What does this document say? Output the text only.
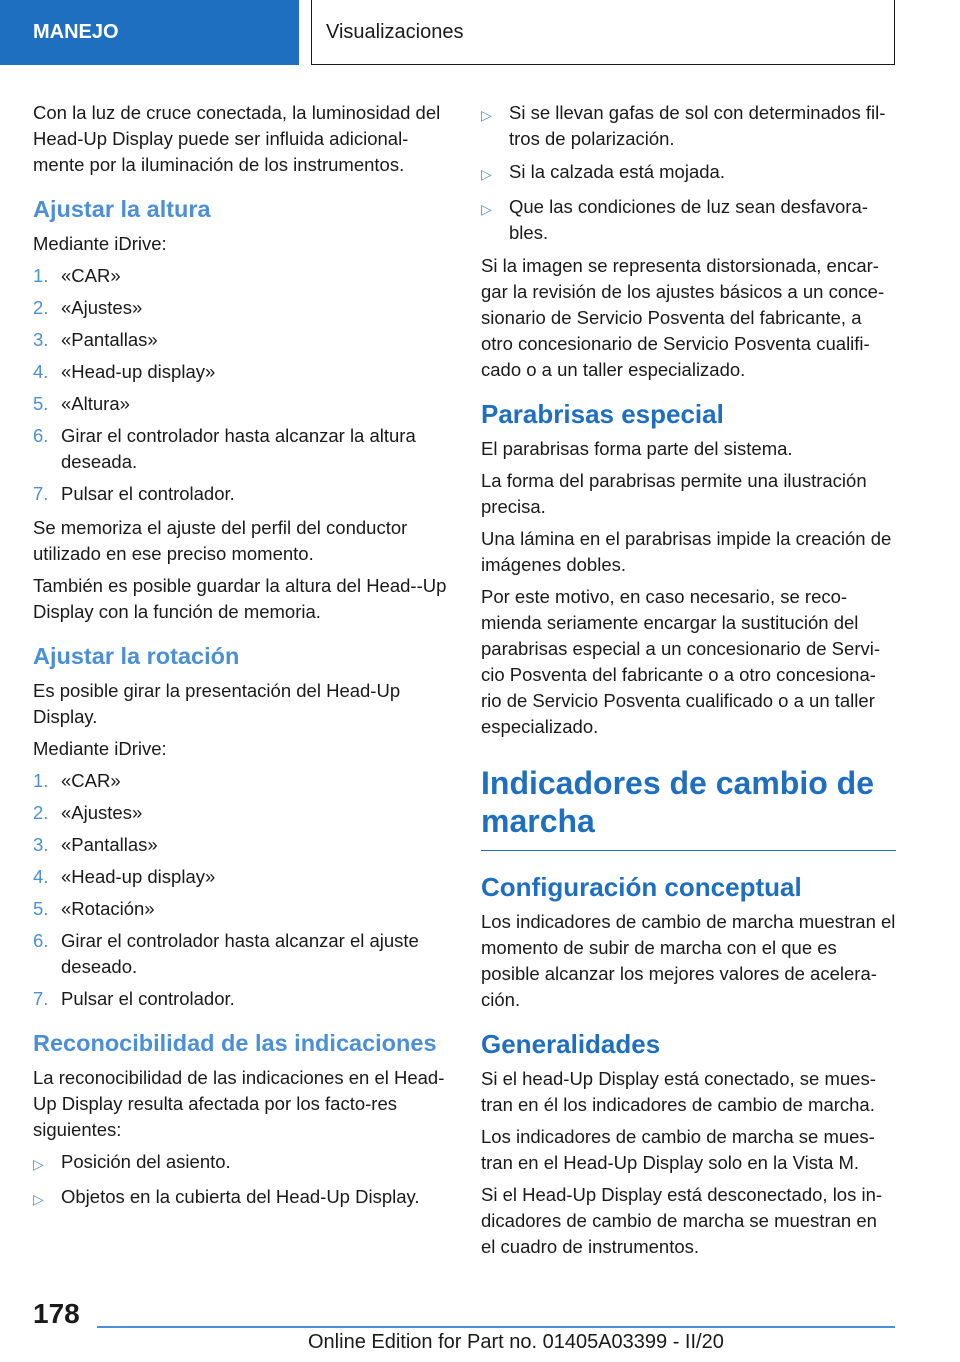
MANEJO	Visualizaciones

Con la luz de cruce conectada, la luminosidad del Head-Up Display puede ser influida adicional-mente por la iluminación de los instrumentos.

Ajustar la altura

Mediante iDrive:

1. «CAR»
2. «Ajustes»
3. «Pantallas»
4. «Head-up display»
5. «Altura»
6. Girar el controlador hasta alcanzar la altura deseada.
7. Pulsar el controlador.

Se memoriza el ajuste del perfil del conductor utilizado en ese preciso momento.

También es posible guardar la altura del Head--Up Display con la función de memoria.

Ajustar la rotación

Es posible girar la presentación del Head-Up Display.

Mediante iDrive:

1. «CAR»
2. «Ajustes»
3. «Pantallas»
4. «Head-up display»
5. «Rotación»
6. Girar el controlador hasta alcanzar el ajuste deseado.
7. Pulsar el controlador.
Reconocibilidad de las indicaciones

La reconocibilidad de las indicaciones en el Head-Up Display resulta afectada por los facto-res siguientes:

▷ Posición del asiento.
▷ Objetos en la cubierta del Head-Up Display.
▷ Si se llevan gafas de sol con determinados fil-tros de polarización.
▷ Si la calzada está mojada.
▷ Que las condiciones de luz sean desfavora-bles.

Si la imagen se representa distorsionada, encar-gar la revisión de los ajustes básicos a un conce-sionario de Servicio Posventa del fabricante, a otro concesionario de Servicio Posventa cualifi-cado o a un taller especializado.

Parabrisas especial

El parabrisas forma parte del sistema.

La forma del parabrisas permite una ilustración precisa.

Una lámina en el parabrisas impide la creación de imágenes dobles.

Por este motivo, en caso necesario, se reco-mienda seriamente encargar la sustitución del parabrisas especial a un concesionario de Servi-cio Posventa del fabricante o a otro concesiona-rio de Servicio Posventa cualificado o a un taller especializado.

Indicadores de cambio de marcha
Configuración conceptual

Los indicadores de cambio de marcha muestran el momento de subir de marcha con el que es posible alcanzar los mejores valores de acelera-ción.

Generalidades

Si el head-Up Display está conectado, se mues-tran en él los indicadores de cambio de marcha.

Los indicadores de cambio de marcha se mues-tran en el Head-Up Display solo en la Vista M.

Si el Head-Up Display está desconectado, los in-dicadores de cambio de marcha se muestran en el cuadro de instrumentos.

178
Online Edition for Part no. 01405A03399 - II/20
